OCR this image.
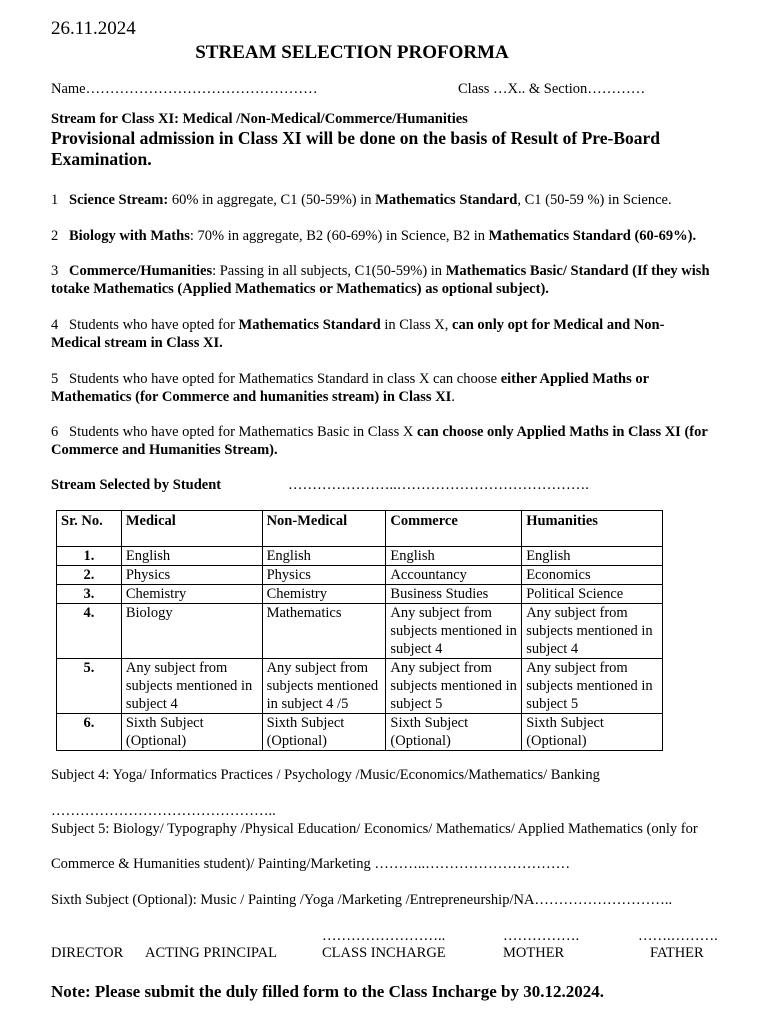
26.11.2024
STREAM SELECTION PROFORMA
Name…………………………………………	Class …X.. & Section…………
Stream for Class XI: Medical /Non-Medical/Commerce/Humanities
Provisional admission in Class XI will be done on the basis of Result of Pre-Board Examination.
1 Science Stream: 60% in aggregate, C1 (50-59%) in Mathematics Standard, C1 (50-59 %) in Science.
2 Biology with Maths: 70% in aggregate, B2 (60-69%) in Science, B2 in Mathematics Standard (60-69%).
3 Commerce/Humanities: Passing in all subjects, C1(50-59%) in Mathematics Basic/ Standard (If they wish totake Mathematics (Applied Mathematics or Mathematics) as optional subject).
4 Students who have opted for Mathematics Standard in Class X, can only opt for Medical and Non-Medical stream in Class XI.
5 Students who have opted for Mathematics Standard in class X can choose either Applied Maths or Mathematics (for Commerce and humanities stream) in Class XI.
6 Students who have opted for Mathematics Basic in Class X can choose only Applied Maths in Class XI (for Commerce and Humanities Stream).
Stream Selected by Student	…………………..………………………………….
Sr. No.	Medical	Non-Medical	Commerce	Humanities
1.	English	English	English	English
2.	Physics	Physics	Accountancy	Economics
3.	Chemistry	Chemistry	Business Studies	Political Science
4.	Biology	Mathematics	Any subject from subjects mentioned in subject 4	Any subject from subjects mentioned in subject 4
5.	Any subject from subjects mentioned in subject 4	Any subject from subjects mentioned in subject 4 /5	Any subject from subjects mentioned in subject 5	Any subject from subjects mentioned in subject 5
6.	Sixth Subject (Optional)	Sixth Subject (Optional)	Sixth Subject (Optional)	Sixth Subject (Optional)
Subject 4: Yoga/ Informatics Practices / Psychology /Music/Economics/Mathematics/ Banking
………………………………………..
Subject 5: Biology/ Typography /Physical Education/ Economics/ Mathematics/ Applied Mathematics (only for
Commerce & Humanities student)/ Painting/Marketing ………..…………………………
Sixth Subject (Optional): Music / Painting /Yoga /Marketing /Entrepreneurship/NA………………………..
……………………..	…………….	…….……….
DIRECTOR ACTING PRINCIPAL	CLASS INCHARGE	MOTHER	FATHER
Note: Please submit the duly filled form to the Class Incharge by 30.12.2024.
